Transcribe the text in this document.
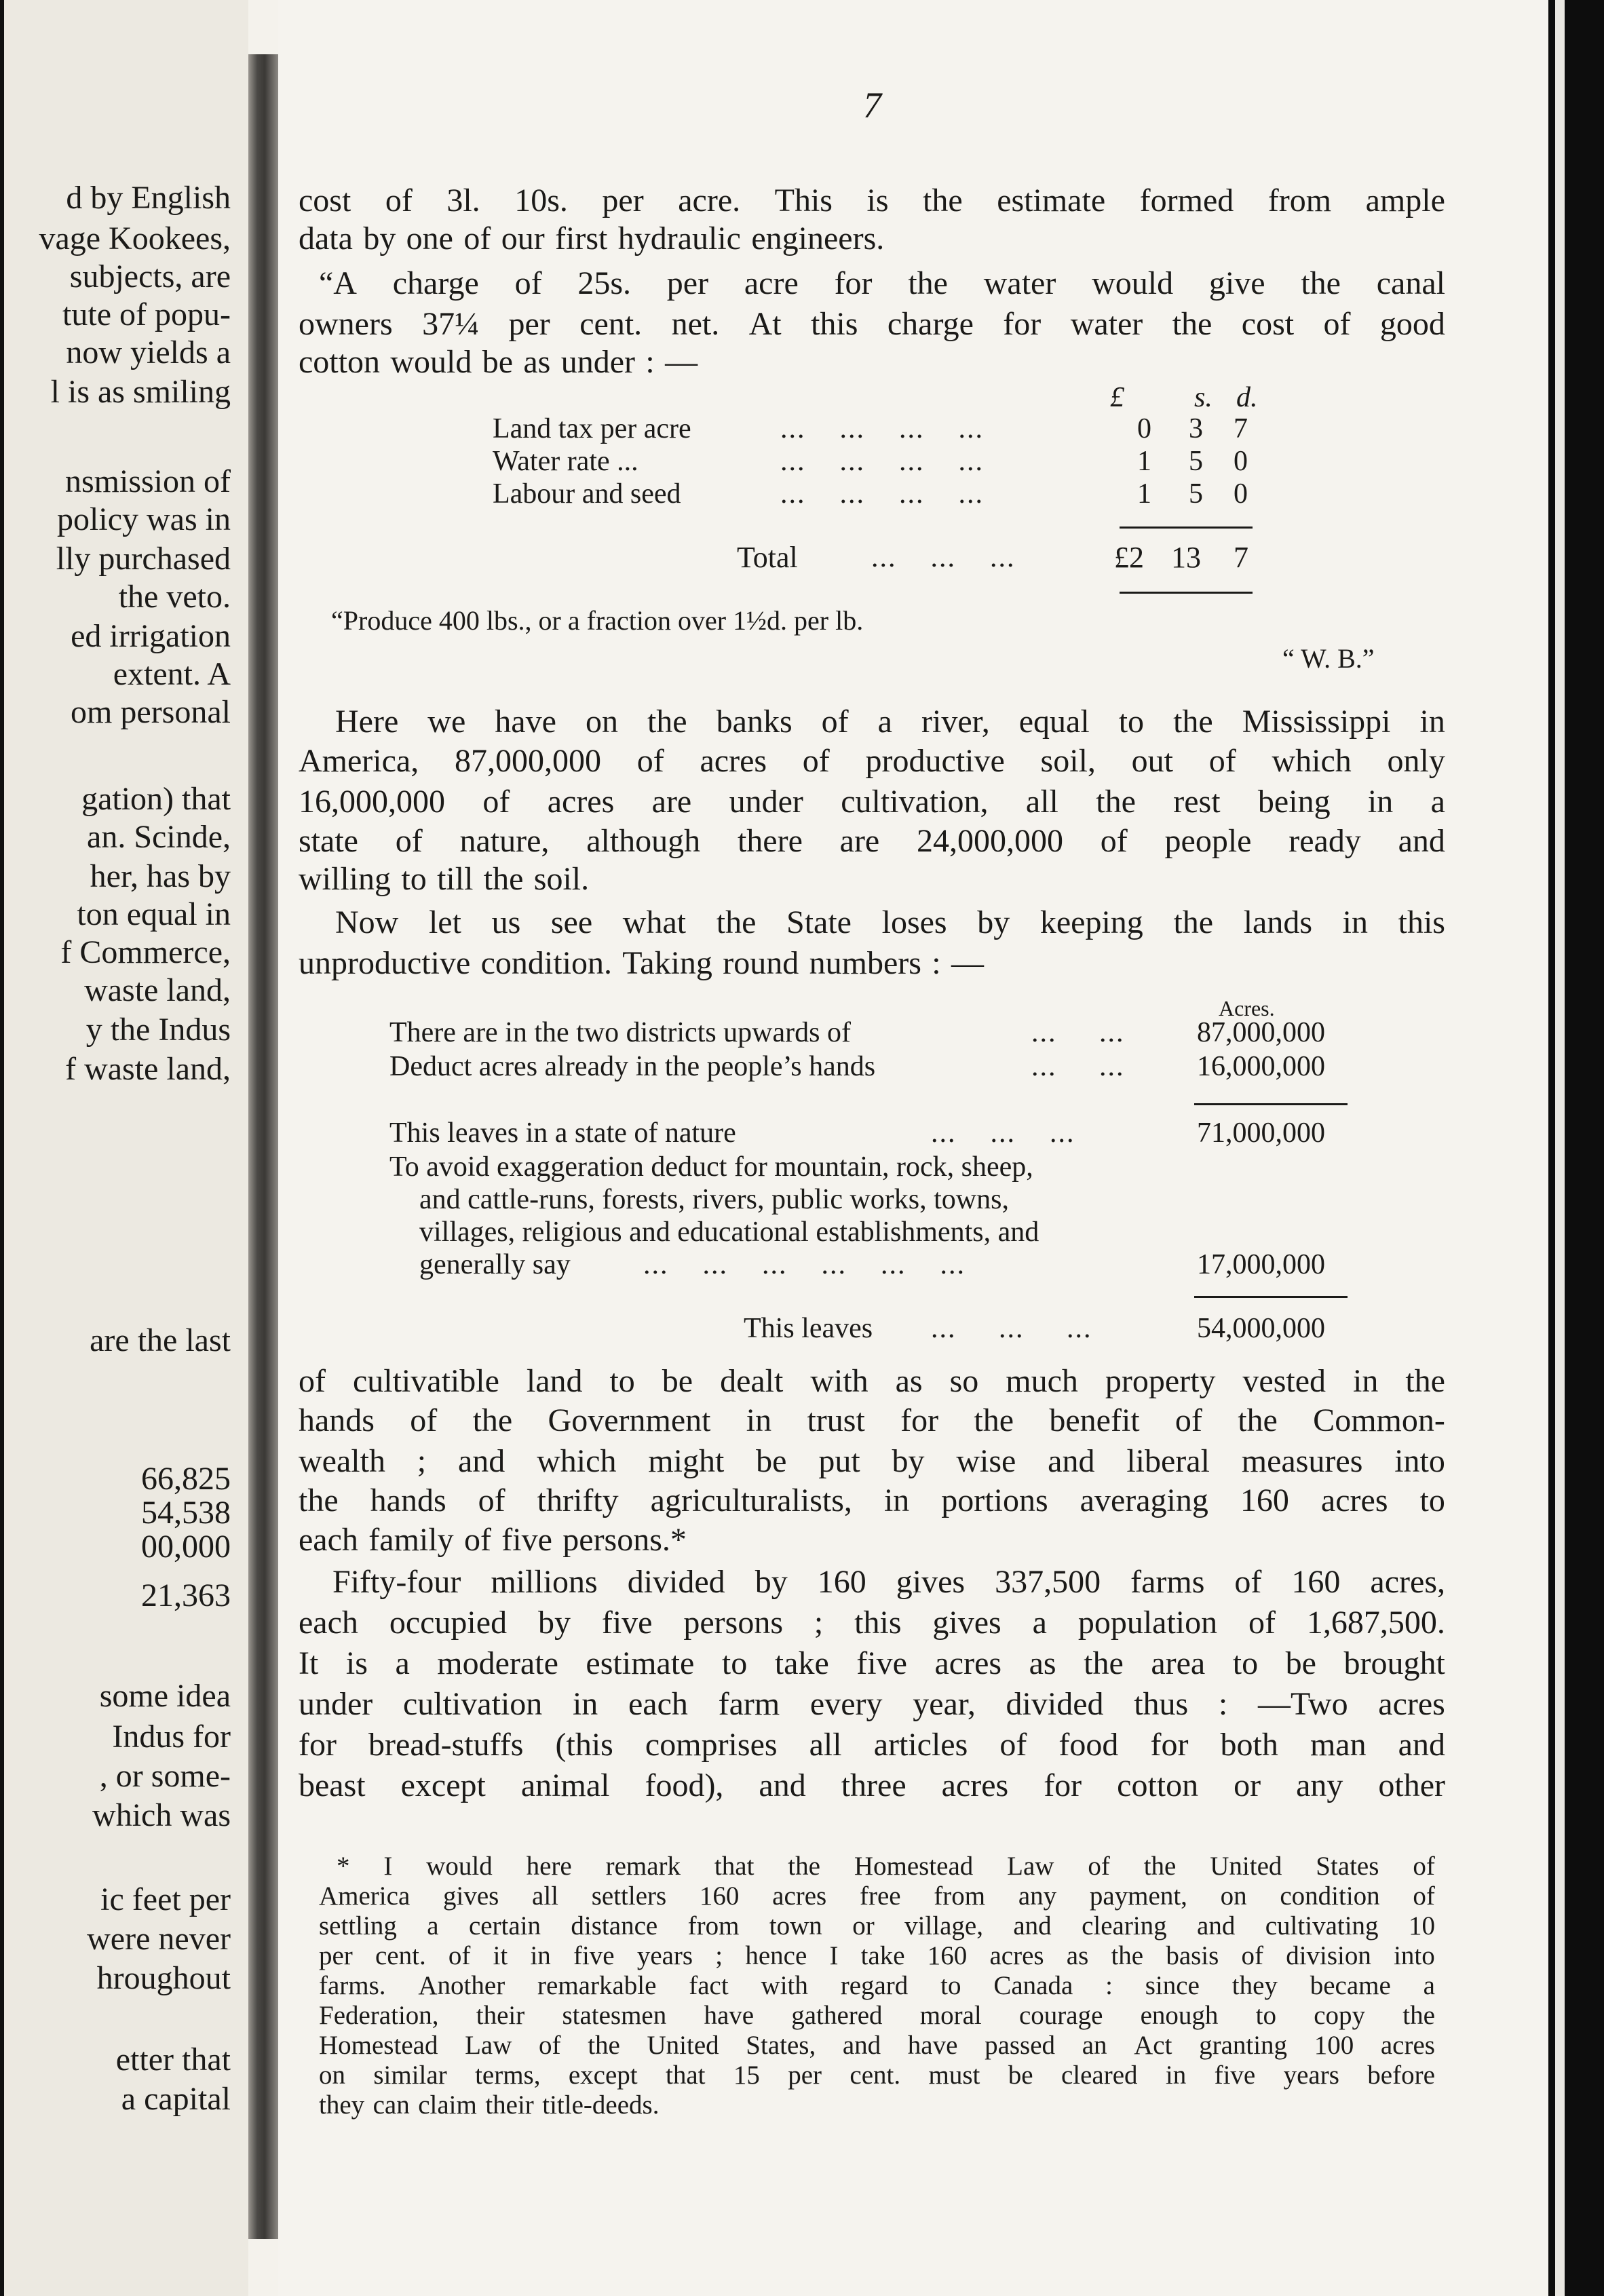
d by English
vage Kookees,
subjects, are
tute of popu-
now yields a
l is as smiling
nsmission of
policy was in
lly purchased
the veto.
ed irrigation
extent. A
om personal
gation) that
an. Scinde,
her, has by
ton equal in
f Commerce,
waste land,
y the Indus
f waste land,
are the last
66,825
54,538
00,000
21,363
some idea
Indus for
, or some-
which was
ic feet per
were never
hroughout
etter that
a capital
7
cost of 3l. 10s. per acre. This is the estimate formed from ample
data by one of our first hydraulic engineers.
“A charge of 25s. per acre for the water would give the canal
owners 37¼ per cent. net. At this charge for water the cost of good
cotton would be as under : —
£ s. d.
Land tax per acre	...    ...    ...    ...	0 3 7
Water rate ...	...    ...    ...    ...	1 5 0
Labour and seed	...    ...    ...    ...	1 5 0
Total	...    ...    ...	£2 13 7
“Produce 400 lbs., or a fraction over 1½d. per lb.
“ W. B.”
Here we have on the banks of a river, equal to the Mississippi in
America, 87,000,000 of acres of productive soil, out of which only
16,000,000 of acres are under cultivation, all the rest being in a
state of nature, although there are 24,000,000 of people ready and
willing to till the soil.
Now let us see what the State loses by keeping the lands in this
unproductive condition. Taking round numbers : —
Acres.
There are in the two districts upwards of	...     ...	87,000,000
Deduct acres already in the people’s hands	...     ...	16,000,000
This leaves in a state of nature	...    ...    ...	71,000,000
To avoid exaggeration deduct for mountain, rock, sheep,
and cattle-runs, forests, rivers, public works, towns,
villages, religious and educational establishments, and
generally say	...    ...    ...    ...    ...    ...	17,000,000
This leaves ...     ...     ...	54,000,000
of cultivatible land to be dealt with as so much property vested in the
hands of the Government in trust for the benefit of the Common-
wealth ; and which might be put by wise and liberal measures into
the hands of thrifty agriculturalists, in portions averaging 160 acres to
each family of five persons.*
Fifty-four millions divided by 160 gives 337,500 farms of 160 acres,
each occupied by five persons ; this gives a population of 1,687,500.
It is a moderate estimate to take five acres as the area to be brought
under cultivation in each farm every year, divided thus : —Two acres
for bread-stuffs (this comprises all articles of food for both man and
beast except animal food), and three acres for cotton or any other
* I would here remark that the Homestead Law of the United States of
America gives all settlers 160 acres free from any payment, on condition of
settling a certain distance from town or village, and clearing and cultivating 10
per cent. of it in five years ; hence I take 160 acres as the basis of division into
farms. Another remarkable fact with regard to Canada : since they became a
Federation, their statesmen have gathered moral courage enough to copy the
Homestead Law of the United States, and have passed an Act granting 100 acres
on similar terms, except that 15 per cent. must be cleared in five years before
they can claim their title-deeds.
